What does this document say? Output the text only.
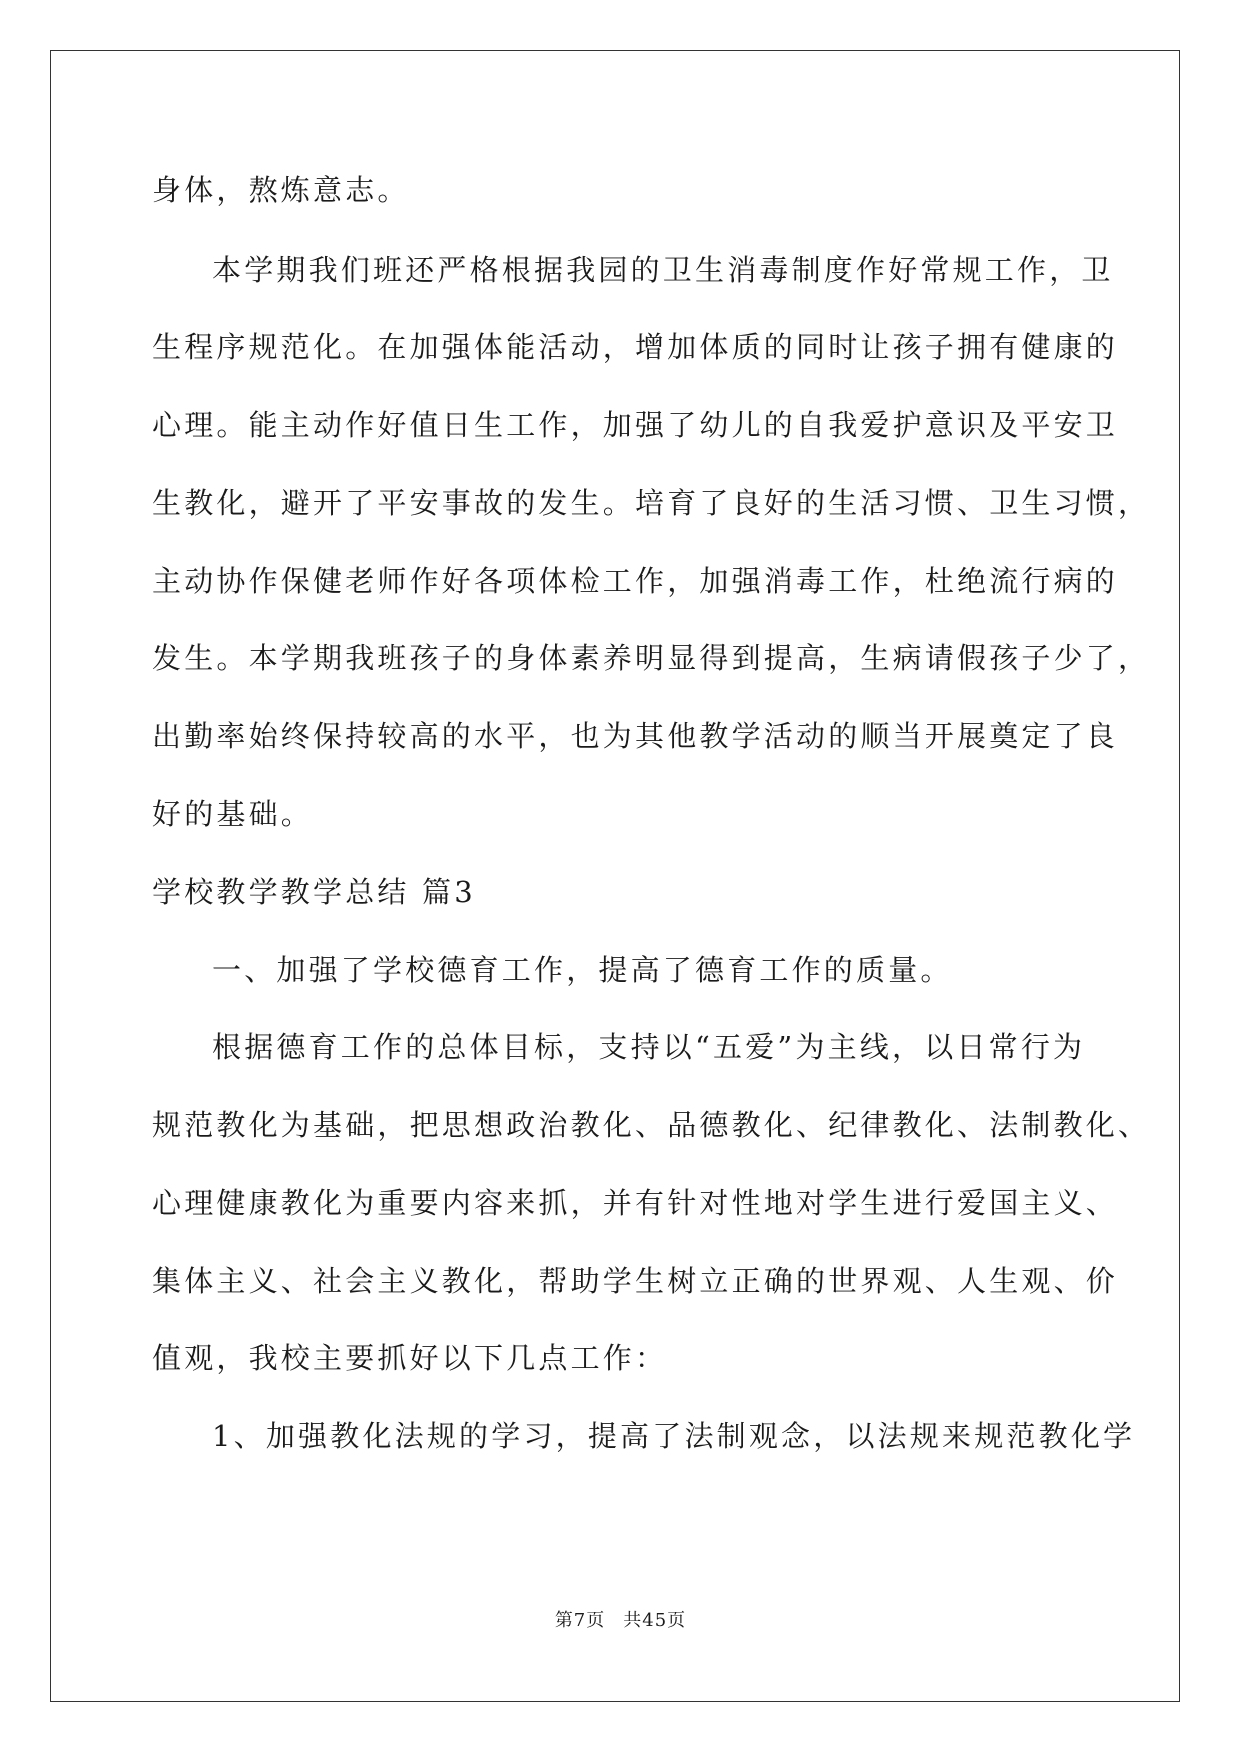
身体，熬炼意志。
本学期我们班还严格根据我园的卫生消毒制度作好常规工作，卫
生程序规范化。在加强体能活动，增加体质的同时让孩子拥有健康的
心理。能主动作好值日生工作，加强了幼儿的自我爱护意识及平安卫
生教化，避开了平安事故的发生。培育了良好的生活习惯、卫生习惯，
主动协作保健老师作好各项体检工作，加强消毒工作，杜绝流行病的
发生。本学期我班孩子的身体素养明显得到提高，生病请假孩子少了，
出勤率始终保持较高的水平，也为其他教学活动的顺当开展奠定了良
好的基础。
学校教学教学总结 篇3
一、加强了学校德育工作，提高了德育工作的质量。
根据德育工作的总体目标，支持以“五爱”为主线，以日常行为
规范教化为基础，把思想政治教化、品德教化、纪律教化、法制教化、
心理健康教化为重要内容来抓，并有针对性地对学生进行爱国主义、
集体主义、社会主义教化，帮助学生树立正确的世界观、人生观、价
值观，我校主要抓好以下几点工作：
1、加强教化法规的学习，提高了法制观念，以法规来规范教化学
第7页 共45页
